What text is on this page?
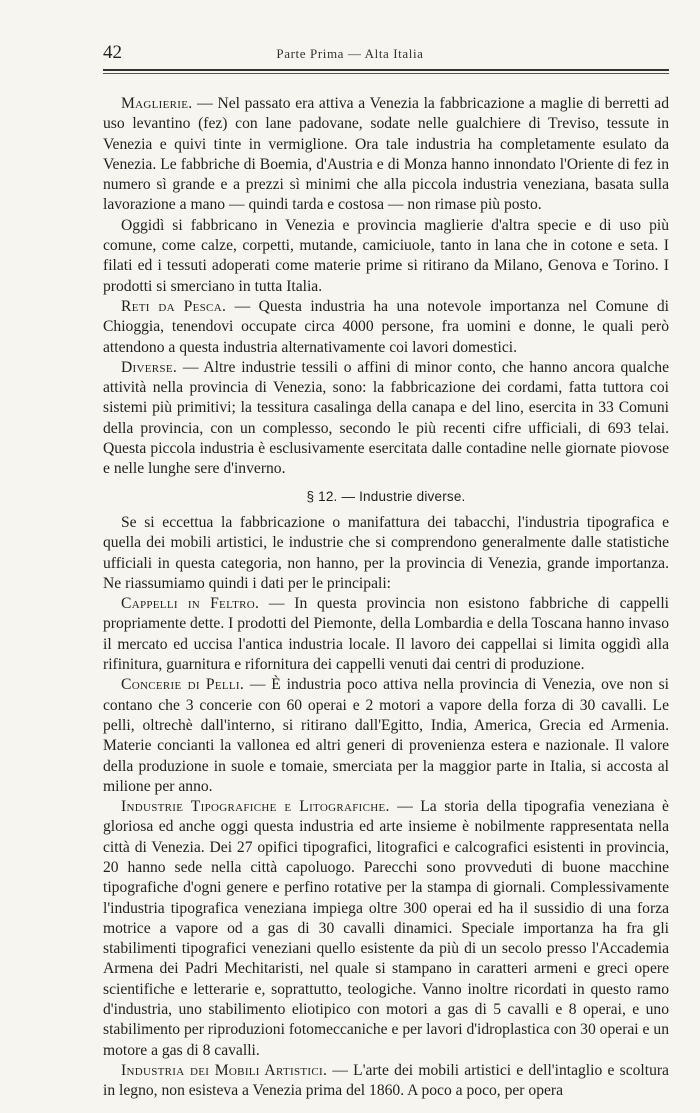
42	Parte Prima — Alta Italia

Maglierie. — Nel passato era attiva a Venezia la fabbricazione a maglie di berretti ad uso levantino (fez) con lane padovane, sodate nelle gualchiere di Treviso, tessute in Venezia e quivi tinte in vermiglione. Ora tale industria ha completamente esulato da Venezia. Le fabbriche di Boemia, d'Austria e di Monza hanno innondato l'Oriente di fez in numero sì grande e a prezzi sì minimi che alla piccola industria veneziana, basata sulla lavorazione a mano — quindi tarda e costosa — non rimase più posto.

Oggidì si fabbricano in Venezia e provincia maglierie d'altra specie e di uso più comune, come calze, corpetti, mutande, camiciuole, tanto in lana che in cotone e seta. I filati ed i tessuti adoperati come materie prime si ritirano da Milano, Genova e Torino. I prodotti si smerciano in tutta Italia.

Reti da Pesca. — Questa industria ha una notevole importanza nel Comune di Chioggia, tenendovi occupate circa 4000 persone, fra uomini e donne, le quali però attendono a questa industria alternativamente coi lavori domestici.

Diverse. — Altre industrie tessili o affini di minor conto, che hanno ancora qualche attività nella provincia di Venezia, sono: la fabbricazione dei cordami, fatta tuttora coi sistemi più primitivi; la tessitura casalinga della canapa e del lino, esercita in 33 Comuni della provincia, con un complesso, secondo le più recenti cifre ufficiali, di 693 telai. Questa piccola industria è esclusivamente esercitata dalle contadine nelle giornate piovose e nelle lunghe sere d'inverno.

§ 12. — Industrie diverse.

Se si eccettua la fabbricazione o manifattura dei tabacchi, l'industria tipografica e quella dei mobili artistici, le industrie che si comprendono generalmente dalle statistiche ufficiali in questa categoria, non hanno, per la provincia di Venezia, grande importanza. Ne riassumiamo quindi i dati per le principali:

Cappelli in Feltro. — In questa provincia non esistono fabbriche di cappelli propriamente dette. I prodotti del Piemonte, della Lombardia e della Toscana hanno invaso il mercato ed uccisa l'antica industria locale. Il lavoro dei cappellai si limita oggidì alla rifinitura, guarnitura e rifornitura dei cappelli venuti dai centri di produzione.

Concerie di Pelli. — È industria poco attiva nella provincia di Venezia, ove non si contano che 3 concerie con 60 operai e 2 motori a vapore della forza di 30 cavalli. Le pelli, oltrechè dall'interno, si ritirano dall'Egitto, India, America, Grecia ed Armenia. Materie concianti la vallonea ed altri generi di provenienza estera e nazionale. Il valore della produzione in suole e tomaie, smerciata per la maggior parte in Italia, si accosta al milione per anno.

Industrie Tipografiche e Litografiche. — La storia della tipografia veneziana è gloriosa ed anche oggi questa industria ed arte insieme è nobilmente rappresentata nella città di Venezia. Dei 27 opifici tipografici, litografici e calcografici esistenti in provincia, 20 hanno sede nella città capoluogo. Parecchi sono provveduti di buone macchine tipografiche d'ogni genere e perfino rotative per la stampa di giornali. Complessivamente l'industria tipografica veneziana impiega oltre 300 operai ed ha il sussidio di una forza motrice a vapore od a gas di 30 cavalli dinamici. Speciale importanza ha fra gli stabilimenti tipografici veneziani quello esistente da più di un secolo presso l'Accademia Armena dei Padri Mechitaristi, nel quale si stampano in caratteri armeni e greci opere scientifiche e letterarie e, soprattutto, teologiche. Vanno inoltre ricordati in questo ramo d'industria, uno stabilimento eliotipico con motori a gas di 5 cavalli e 8 operai, e uno stabilimento per riproduzioni fotomeccaniche e per lavori d'idroplastica con 30 operai e un motore a gas di 8 cavalli.

Industria dei Mobili Artistici. — L'arte dei mobili artistici e dell'intaglio e scoltura in legno, non esisteva a Venezia prima del 1860. A poco a poco, per opera
